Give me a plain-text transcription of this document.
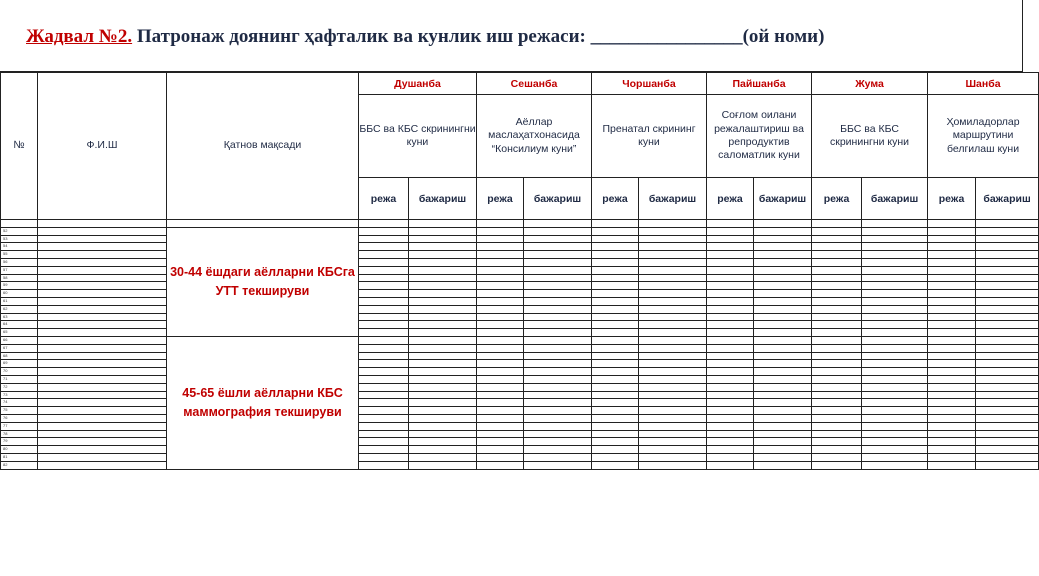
Жадвал №2. Патронаж доянинг ҳафталик ва кунлик иш режаси: ________________(ой номи)
№	Ф.И.Ш	Қатнов мақсади	Душанба		Сешанба		Чоршанба		Пайшанба		Жума		Шанба	
			ББС ва КБС скринингни куни		Аёллар маслаҳатхонасида “Консилиум куни”		Пренатал скрининг куни		Соғлом оилани режалаштириш ва репродуктив саломатлик куни		ББС ва КБС скринингни куни		Ҳомиладорлар маршрутини белгилаш куни	
			режа	бажариш	режа	бажариш	режа	бажариш	режа	бажариш	режа	бажариш	режа	бажариш

52		30-44 ёшдаги аёлларни КБСга УТТ текшируви												
53														
54														
55														
56														
57														
58														
59														
60														
61														
62														
63														
64														
65														
66		45-65 ёшли аёлларни КБС маммография текшируви												
67														
68														
69														
70														
71														
72														
73														
74														
75														
76														
77														
78														
79														
80														
81														
82														
